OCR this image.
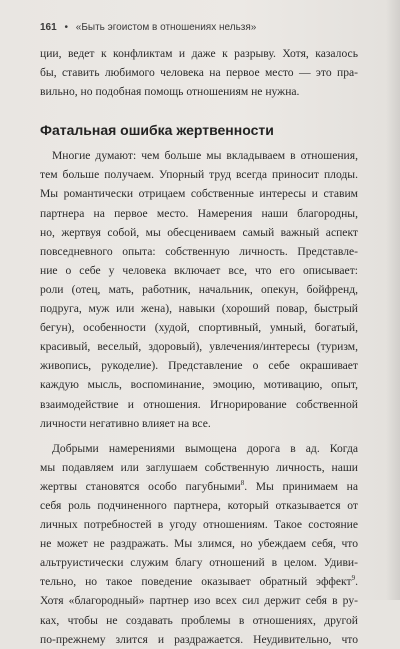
161 • «Быть эгоистом в отношениях нельзя»
ции, ведет к конфликтам и даже к разрыву. Хотя, казалось
бы, ставить любимого человека на первое место — это пра-
вильно, но подобная помощь отношениям не нужна.
Фатальная ошибка жертвенности
Многие думают: чем больше мы вкладываем в отношения,
тем больше получаем. Упорный труд всегда приносит плоды.
Мы романтически отрицаем собственные интересы и ставим
партнера на первое место. Намерения наши благородны,
но, жертвуя собой, мы обесцениваем самый важный аспект
повседневного опыта: собственную личность. Представле-
ние о себе у человека включает все, что его описывает:
роли (отец, мать, работник, начальник, опекун, бойфренд,
подруга, муж или жена), навыки (хороший повар, быстрый
бегун), особенности (худой, спортивный, умный, богатый,
красивый, веселый, здоровый), увлечения/интересы (туризм,
живопись, рукоделие). Представление о себе окрашивает
каждую мысль, воспоминание, эмоцию, мотивацию, опыт,
взаимодействие и отношения. Игнорирование собственной
личности негативно влияет на все.
Добрыми намерениями вымощена дорога в ад. Когда
мы подавляем или заглушаем собственную личность, наши
жертвы становятся особо пагубными$^8$. Мы принимаем на
себя роль подчиненного партнера, который отказывается от
личных потребностей в угоду отношениям. Такое состояние
не может не раздражать. Мы злимся, но убеждаем себя, что
альтруистически служим благу отношений в целом. Удиви-
тельно, но такое поведение оказывает обратный эффект$^9$.
Хотя «благородный» партнер изо всех сил держит себя в ру-
ках, чтобы не создавать проблемы в отношениях, другой
по-прежнему злится и раздражается. Неудивительно, что
